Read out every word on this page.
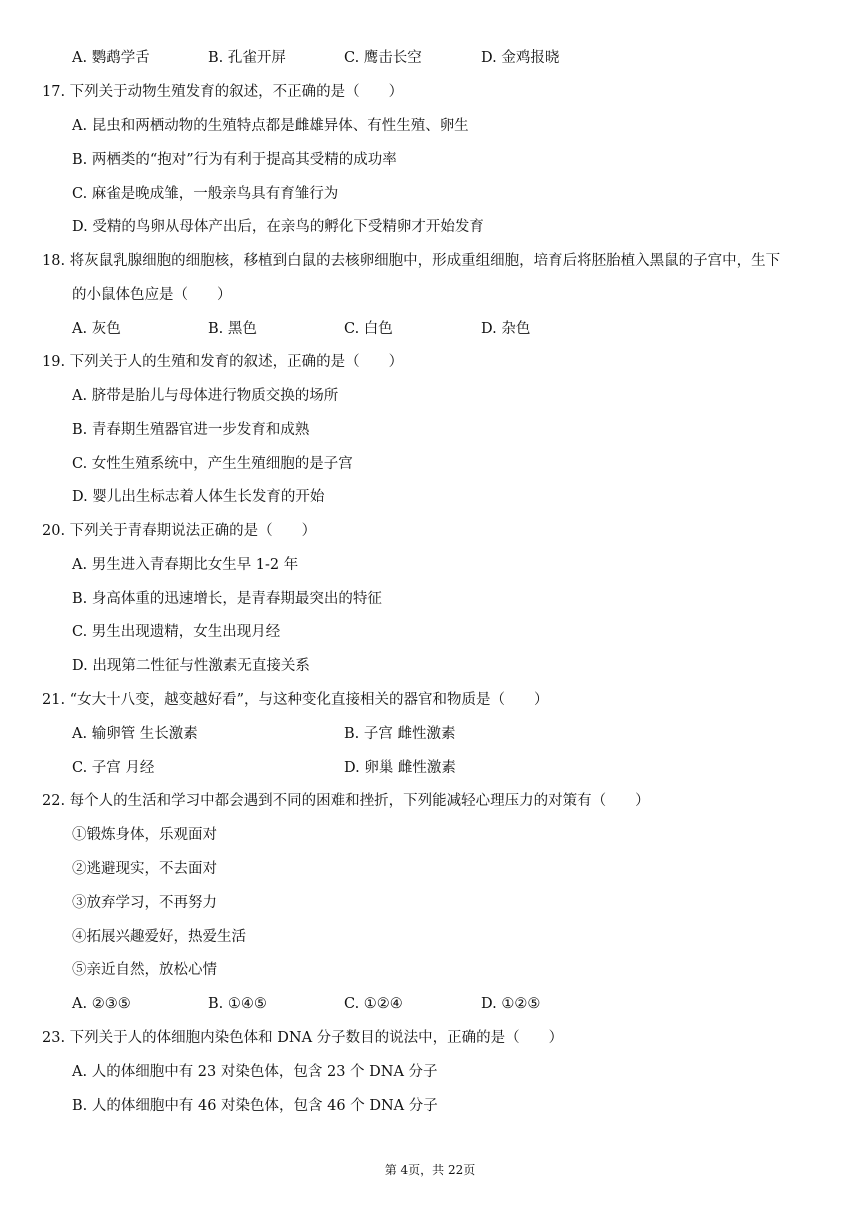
A. 鹦鹉学舌	B. 孔雀开屏	C. 鹰击长空	D. 金鸡报晓
17. 下列关于动物生殖发育的叙述，不正确的是（　　）
A. 昆虫和两栖动物的生殖特点都是雌雄异体、有性生殖、卵生
B. 两栖类的“抱对”行为有利于提高其受精的成功率
C. 麻雀是晚成雏，一般亲鸟具有育雏行为
D. 受精的鸟卵从母体产出后，在亲鸟的孵化下受精卵才开始发育
18. 将灰鼠乳腺细胞的细胞核，移植到白鼠的去核卵细胞中，形成重组细胞，培育后将胚胎植入黑鼠的子宫中，生下
的小鼠体色应是（　　）
A. 灰色	B. 黑色	C. 白色	D. 杂色
19. 下列关于人的生殖和发育的叙述，正确的是（　　）
A. 脐带是胎儿与母体进行物质交换的场所
B. 青春期生殖器官进一步发育和成熟
C. 女性生殖系统中，产生生殖细胞的是子宫
D. 婴儿出生标志着人体生长发育的开始
20. 下列关于青春期说法正确的是（　　）
A. 男生进入青春期比女生早 1-2 年
B. 身高体重的迅速增长，是青春期最突出的特征
C. 男生出现遗精，女生出现月经
D. 出现第二性征与性激素无直接关系
21. “女大十八变，越变越好看”，与这种变化直接相关的器官和物质是（　　）
A. 输卵管 生长激素	B. 子宫 雌性激素
C. 子宫 月经	D. 卵巢 雌性激素
22. 每个人的生活和学习中都会遇到不同的困难和挫折，下列能减轻心理压力的对策有（　　）
①锻炼身体，乐观面对
②逃避现实，不去面对
③放弃学习，不再努力
④拓展兴趣爱好，热爱生活
⑤亲近自然，放松心情
A. ②③⑤	B. ①④⑤	C. ①②④	D. ①②⑤
23. 下列关于人的体细胞内染色体和 DNA 分子数目的说法中，正确的是（　　）
A. 人的体细胞中有 23 对染色体，包含 23 个 DNA 分子
B. 人的体细胞中有 46 对染色体，包含 46 个 DNA 分子
第 4页，共 22页
